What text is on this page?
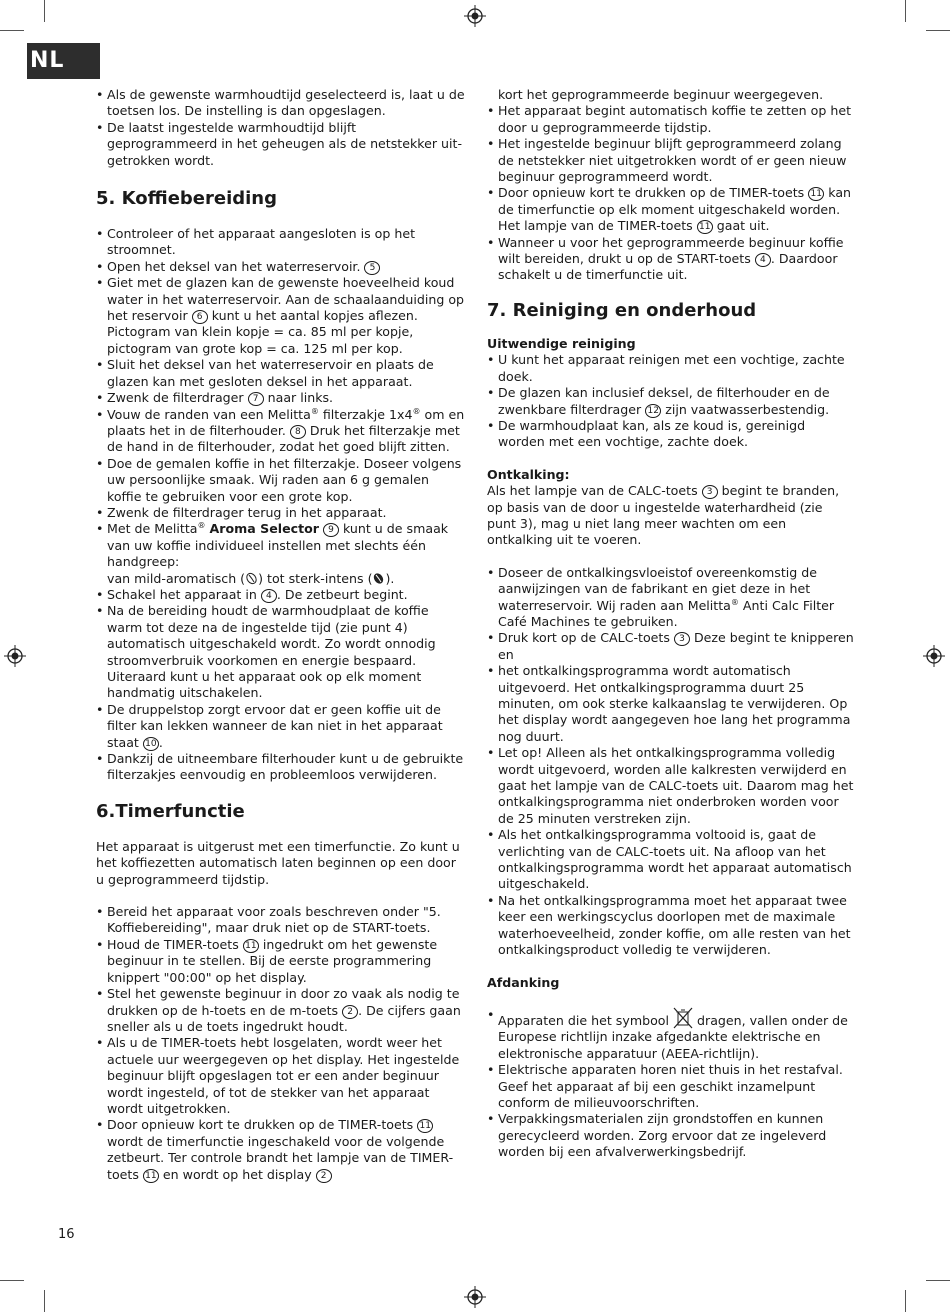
NL
• Als de gewenste warmhoudtijd geselecteerd is, laat u de toetsen los. De instelling is dan opgeslagen.
• De laatst ingestelde warmhoudtijd blijft geprogrammeerd in het geheugen als de netstekker uitgetrokken wordt.
5. Koffiebereiding
• Controleer of het apparaat aangesloten is op het stroomnet.
• Open het deksel van het waterreservoir. 5
• Giet met de glazen kan de gewenste hoeveelheid koud water in het waterreservoir. Aan de schaalaanduiding op het reservoir 6 kunt u het aantal kopjes aflezen.
Pictogram van klein kopje = ca. 85 ml per kopje, pictogram van grote kop = ca. 125 ml per kop.
• Sluit het deksel van het waterreservoir en plaats de glazen kan met gesloten deksel in het apparaat.
• Zwenk de filterdrager 7 naar links.
• Vouw de randen van een Melitta® filterzakje 1x4® om en plaats het in de filterhouder. 8 Druk het filterzakje met de hand in de filterhouder, zodat het goed blijft zitten.
• Doe de gemalen koffie in het filterzakje. Doseer volgens uw persoonlijke smaak. Wij raden aan 6 g gemalen koffie te gebruiken voor een grote kop.
• Zwenk de filterdrager terug in het apparaat.
• Met de Melitta® Aroma Selector 9 kunt u de smaak van uw koffie individueel instellen met slechts één handgreep:
van mild-aromatisch ( ) tot sterk-intens ( ).
• Schakel het apparaat in 4 . De zetbeurt begint.
• Na de bereiding houdt de warmhoudplaat de koffie warm tot deze na de ingestelde tijd (zie punt 4) automatisch uitgeschakeld wordt. Zo wordt onnodig stroomverbruik voorkomen en energie bespaard. Uiteraard kunt u het apparaat ook op elk moment handmatig uitschakelen.
• De druppelstop zorgt ervoor dat er geen koffie uit de filter kan lekken wanneer de kan niet in het apparaat staat 10 .
• Dankzij de uitneembare filterhouder kunt u de gebruikte filterzakjes eenvoudig en probleemloos verwijderen.
6.Timerfunctie

Het apparaat is uitgerust met een timerfunctie. Zo kunt u het koffiezetten automatisch laten beginnen op een door u geprogrammeerd tijdstip.

• Bereid het apparaat voor zoals beschreven onder "5. Koffiebereiding", maar druk niet op de START-toets.
• Houd de TIMER-toets 11 ingedrukt om het gewenste beginuur in te stellen. Bij de eerste programmering knippert "00:00" op het display.
• Stel het gewenste beginuur in door zo vaak als nodig te drukken op de h-toets en de m-toets 2 . De cijfers gaan sneller als u de toets ingedrukt houdt.
• Als u de TIMER-toets hebt losgelaten, wordt weer het actuele uur weergegeven op het display. Het ingestelde beginuur blijft opgeslagen tot er een ander beginuur wordt ingesteld, of tot de stekker van het apparaat wordt uitgetrokken.
• Door opnieuw kort te drukken op de TIMER-toets 11 wordt de timerfunctie ingeschakeld voor de volgende zetbeurt. Ter controle brandt het lampje van de TIMER-toets 11 en wordt op het display 2

kort het geprogrammeerde beginuur weergegeven.

• Het apparaat begint automatisch koffie te zetten op het door u geprogrammeerde tijdstip.
• Het ingestelde beginuur blijft geprogrammeerd zolang de netstekker niet uitgetrokken wordt of er geen nieuw beginuur geprogrammeerd wordt.
• Door opnieuw kort te drukken op de TIMER-toets 11 kan de timerfunctie op elk moment uitgeschakeld worden. Het lampje van de TIMER-toets 11 gaat uit.
• Wanneer u voor het geprogrammeerde beginuur koffie wilt bereiden, drukt u op de START-toets 4 . Daardoor schakelt u de timerfunctie uit.
7. Reiniging en onderhoud
Uitwendige reiniging
• U kunt het apparaat reinigen met een vochtige, zachte doek.
• De glazen kan inclusief deksel, de filterhouder en de zwenkbare filterdrager 12 zijn vaatwasserbestendig.
• De warmhoudplaat kan, als ze koud is, gereinigd worden met een vochtige, zachte doek.
Ontkalking:

Als het lampje van de CALC-toets 3 begint te branden, op basis van de door u ingestelde waterhardheid (zie punt 3), mag u niet lang meer wachten om een ontkalking uit te voeren.

• Doseer de ontkalkingsvloeistof overeenkomstig de aanwijzingen van de fabrikant en giet deze in het waterreservoir. Wij raden aan Melitta® Anti Calc Filter Café Machines te gebruiken.
• Druk kort op de CALC-toets 3 Deze begint te knipperen en
• het ontkalkingsprogramma wordt automatisch uitgevoerd. Het ontkalkingsprogramma duurt 25 minuten, om ook sterke kalkaanslag te verwijderen. Op het display wordt aangegeven hoe lang het programma nog duurt.
• Let op! Alleen als het ontkalkingsprogramma volledig wordt uitgevoerd, worden alle kalkresten verwijderd en gaat het lampje van de CALC-toets uit. Daarom mag het ontkalkingsprogramma niet onderbroken worden voor de 25 minuten verstreken zijn.
• Als het ontkalkingsprogramma voltooid is, gaat de verlichting van de CALC-toets uit. Na afloop van het ontkalkingsprogramma wordt het apparaat automatisch uitgeschakeld.
• Na het ontkalkingsprogramma moet het apparaat twee keer een werkingscyclus doorlopen met de maximale waterhoeveelheid, zonder koffie, om alle resten van het ontkalkingsproduct volledig te verwijderen.
Afdanking
• Apparaten die het symbool dragen, vallen onder de Europese richtlijn inzake afgedankte elektrische en elektronische apparatuur (AEEA-richtlijn).
• Elektrische apparaten horen niet thuis in het restafval. Geef het apparaat af bij een geschikt inzamelpunt conform de milieuvoorschriften.
• Verpakkingsmaterialen zijn grondstoffen en kunnen gerecycleerd worden. Zorg ervoor dat ze ingeleverd worden bij een afvalverwerkingsbedrijf.
16
